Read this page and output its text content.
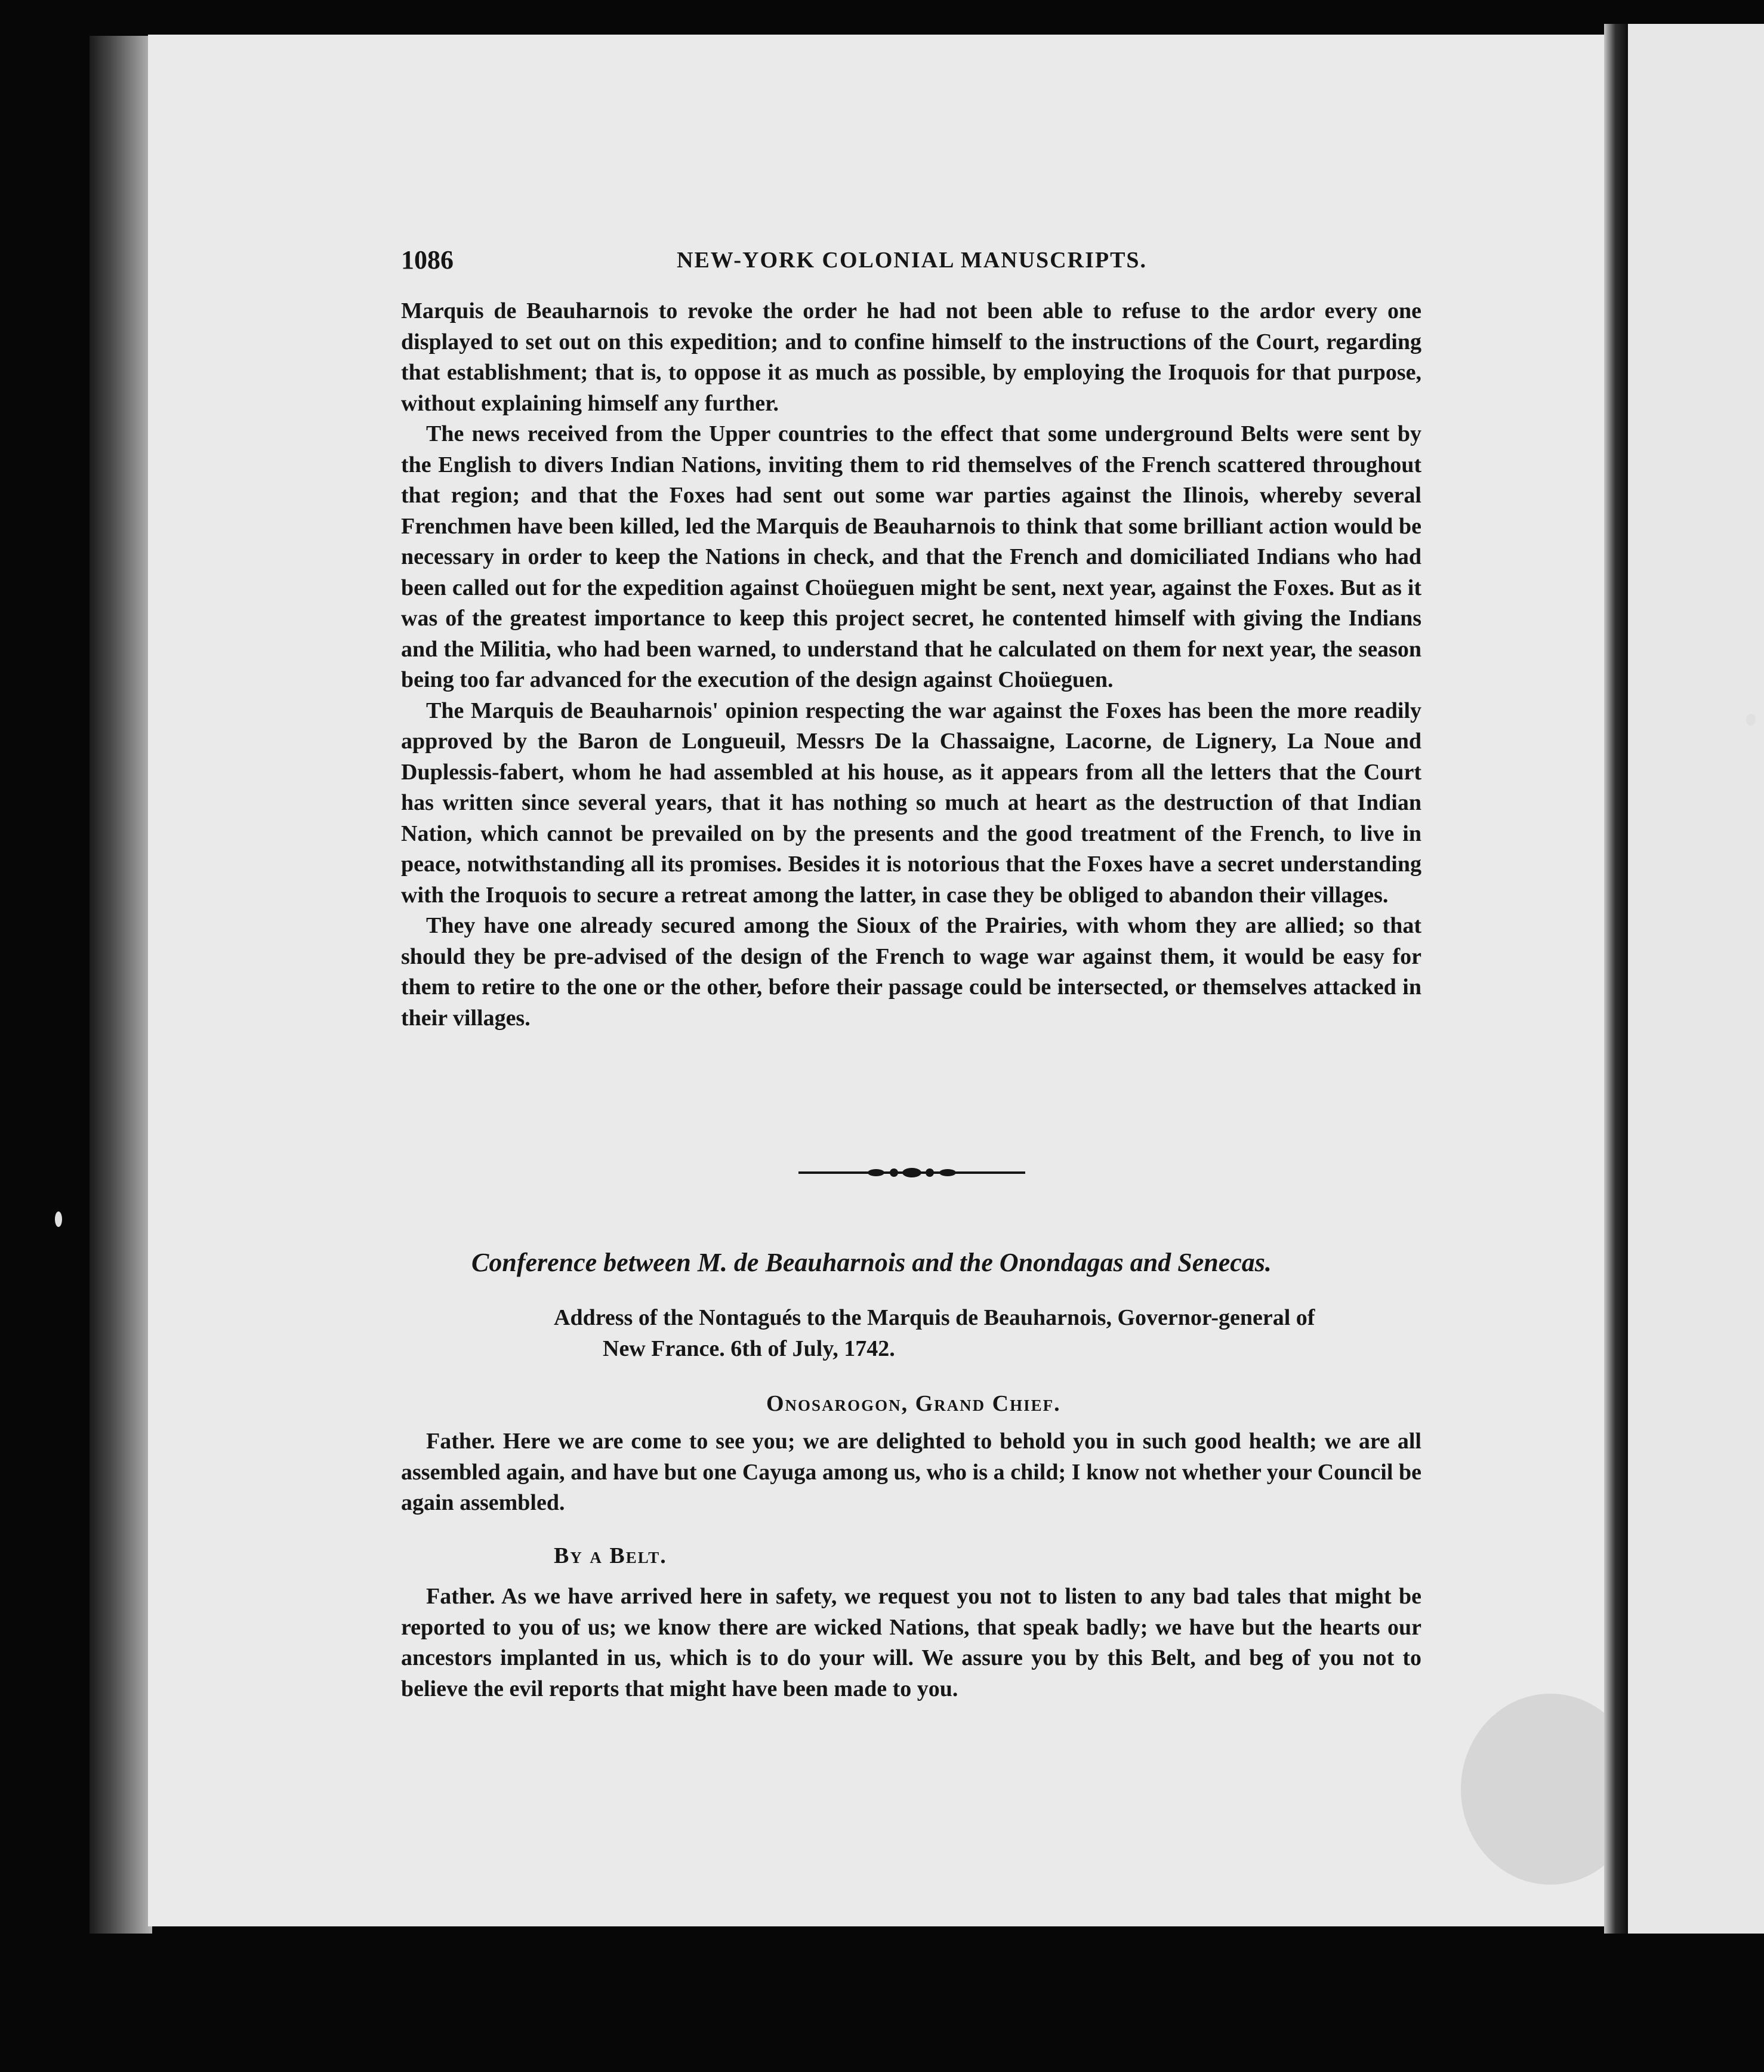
1086	NEW-YORK COLONIAL MANUSCRIPTS.

Marquis de Beauharnois to revoke the order he had not been able to refuse to the ardor every one displayed to set out on this expedition; and to confine himself to the instructions of the Court, regarding that establishment; that is, to oppose it as much as possible, by employing the Iroquois for that purpose, without explaining himself any further.

The news received from the Upper countries to the effect that some underground Belts were sent by the English to divers Indian Nations, inviting them to rid themselves of the French scattered throughout that region; and that the Foxes had sent out some war parties against the Ilinois, whereby several Frenchmen have been killed, led the Marquis de Beauharnois to think that some brilliant action would be necessary in order to keep the Nations in check, and that the French and domiciliated Indians who had been called out for the expedition against Choüeguen might be sent, next year, against the Foxes. But as it was of the greatest importance to keep this project secret, he contented himself with giving the Indians and the Militia, who had been warned, to understand that he calculated on them for next year, the season being too far advanced for the execution of the design against Choüeguen.

The Marquis de Beauharnois' opinion respecting the war against the Foxes has been the more readily approved by the Baron de Longueuil, Messrs De la Chassaigne, Lacorne, de Lignery, La Noue and Duplessis-fabert, whom he had assembled at his house, as it appears from all the letters that the Court has written since several years, that it has nothing so much at heart as the destruction of that Indian Nation, which cannot be prevailed on by the presents and the good treatment of the French, to live in peace, notwithstanding all its promises. Besides it is notorious that the Foxes have a secret understanding with the Iroquois to secure a retreat among the latter, in case they be obliged to abandon their villages.

They have one already secured among the Sioux of the Prairies, with whom they are allied; so that should they be pre-advised of the design of the French to wage war against them, it would be easy for them to retire to the one or the other, before their passage could be intersected, or themselves attacked in their villages.

Conference between M. de Beauharnois and the Onondagas and Senecas.
Address of the Nontagués to the Marquis de Beauharnois, Governor-general of
New France. 6th of July, 1742.
Onosarogon, Grand Chief.

Father. Here we are come to see you; we are delighted to behold you in such good health; we are all assembled again, and have but one Cayuga among us, who is a child; I know not whether your Council be again assembled.

By a Belt.

Father. As we have arrived here in safety, we request you not to listen to any bad tales that might be reported to you of us; we know there are wicked Nations, that speak badly; we have but the hearts our ancestors implanted in us, which is to do your will. We assure you by this Belt, and beg of you not to believe the evil reports that might have been made to you.
